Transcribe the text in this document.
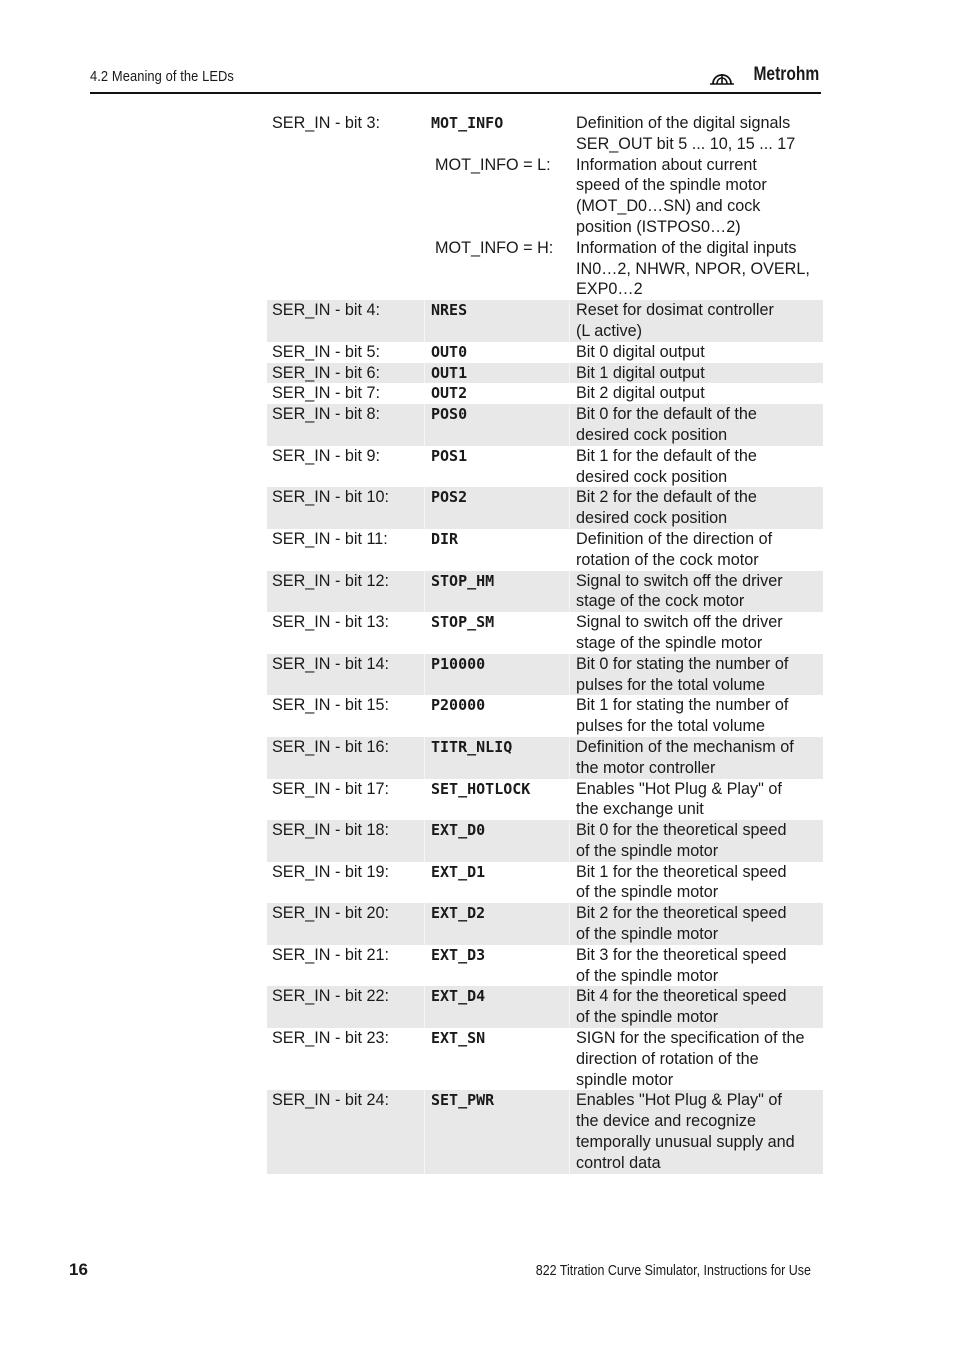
4.2 Meaning of the LEDs	Metrohm
SER_IN - bit 3:	MOT_INFO	Definition of the digital signals
SER_OUT bit 5 ... 10, 15 ... 17
MOT_INFO = L:	Information about current
speed of the spindle motor
(MOT_D0…SN) and cock
position (ISTPOS0…2)
MOT_INFO = H:	Information of the digital inputs
IN0…2, NHWR, NPOR, OVERL,
EXP0…2
SER_IN - bit 4:	NRES	Reset for dosimat controller
(L active)
SER_IN - bit 5:	OUT0	Bit 0 digital output
SER_IN - bit 6:	OUT1	Bit 1 digital output
SER_IN - bit 7:	OUT2	Bit 2 digital output
SER_IN - bit 8:	POS0	Bit 0 for the default of the
desired cock position
SER_IN - bit 9:	POS1	Bit 1 for the default of the
desired cock position
SER_IN - bit 10:	POS2	Bit 2 for the default of the
desired cock position
SER_IN - bit 11:	DIR	Definition of the direction of
rotation of the cock motor
SER_IN - bit 12:	STOP_HM	Signal to switch off the driver
stage of the cock motor
SER_IN - bit 13:	STOP_SM	Signal to switch off the driver
stage of the spindle motor
SER_IN - bit 14:	P10000	Bit 0 for stating the number of
pulses for the total volume
SER_IN - bit 15:	P20000	Bit 1 for stating the number of
pulses for the total volume
SER_IN - bit 16:	TITR_NLIQ	Definition of the mechanism of
the motor controller
SER_IN - bit 17:	SET_HOTLOCK	Enables "Hot Plug & Play" of
the exchange unit
SER_IN - bit 18:	EXT_D0	Bit 0 for the theoretical speed
of the spindle motor
SER_IN - bit 19:	EXT_D1	Bit 1 for the theoretical speed
of the spindle motor
SER_IN - bit 20:	EXT_D2	Bit 2 for the theoretical speed
of the spindle motor
SER_IN - bit 21:	EXT_D3	Bit 3 for the theoretical speed
of the spindle motor
SER_IN - bit 22:	EXT_D4	Bit 4 for the theoretical speed
of the spindle motor
SER_IN - bit 23:	EXT_SN	SIGN for the specification of the
direction of rotation of the
spindle motor
SER_IN - bit 24:	SET_PWR	Enables "Hot Plug & Play" of
the device and recognize
temporally unusual supply and
control data
16	822 Titration Curve Simulator, Instructions for Use
